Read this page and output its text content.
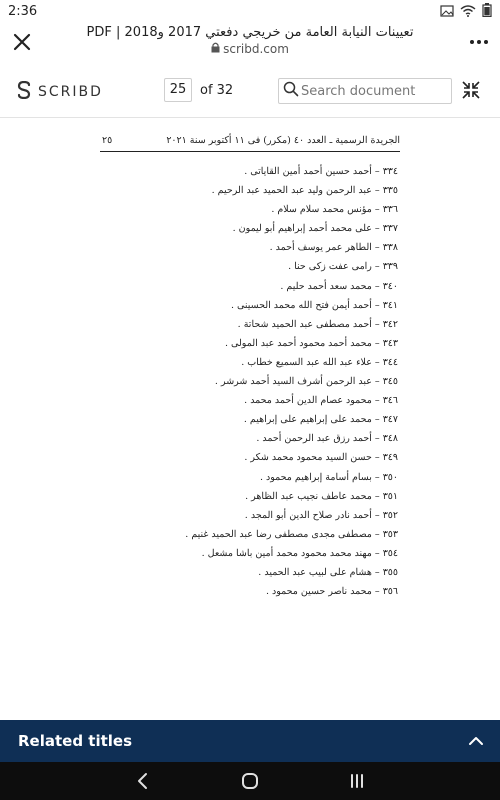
2:36
تعيينات النيابة العامة من خريجي دفعتي 2017 و2018 | PDF
scribd.com
SCRIBD	25	of 32	Search document
٢٥	الجريدة الرسمية ـ العدد ٤٠ (مكرر) فى ١١ أكتوبر سنة ٢٠٢١
٣٣٤ – أحمد حسين أحمد أمين القاياتى .
٣٣٥ – عبد الرحمن وليد عبد الحميد عبد الرحيم .
٣٣٦ – مؤنس محمد سلام سلام .
٣٣٧ – على محمد أحمد إبراهيم أبو ليمون .
٣٣٨ – الطاهر عمر يوسف أحمد .
٣٣٩ – رامى عفت زكى حنا .
٣٤٠ – محمد سعد أحمد حليم .
٣٤١ – أحمد أيمن فتح الله محمد الحسينى .
٣٤٢ – أحمد مصطفى عبد الحميد شحاتة .
٣٤٣ – محمد أحمد محمود أحمد عبد المولى .
٣٤٤ – علاء عبد الله عبد السميع خطاب .
٣٤٥ – عبد الرحمن أشرف السيد أحمد شرشر .
٣٤٦ – محمود عصام الدين أحمد محمد .
٣٤٧ – محمد على إبراهيم على إبراهيم .
٣٤٨ – أحمد رزق عبد الرحمن أحمد .
٣٤٩ – حسن السيد محمود محمد شكر .
٣٥٠ – بسام أسامة إبراهيم محمود .
٣٥١ – محمد عاطف نجيب عبد الظاهر .
٣٥٢ – أحمد نادر صلاح الدين أبو المجد .
٣٥٣ – مصطفى مجدى مصطفى رضا عبد الحميد غنيم .
٣٥٤ – مهند محمد محمود محمد أمين باشا مشعل .
٣٥٥ – هشام على لبيب عبد الحميد .
٣٥٦ – محمد ناصر حسين محمود .
Related titles
